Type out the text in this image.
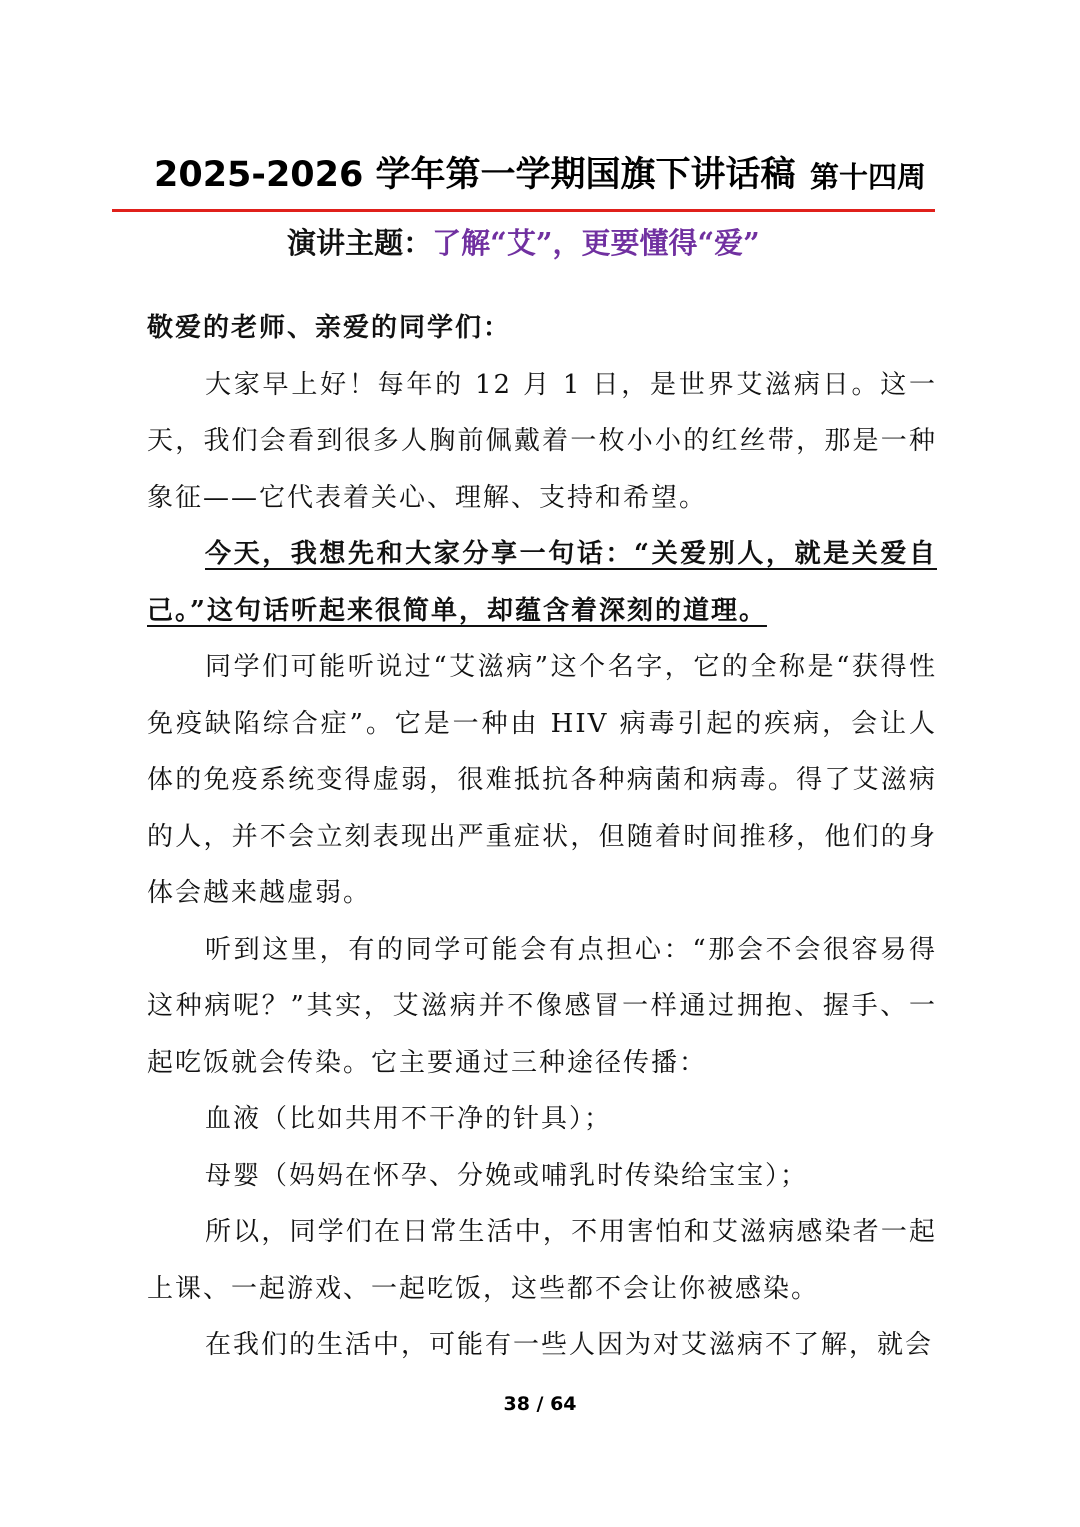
2025-2026 学年第一学期国旗下讲话稿 第十四周
演讲主题：了解“艾”，更要懂得“爱”

敬爱的老师、亲爱的同学们：

大家早上好！每年的 12 月 1 日，是世界艾滋病日。这一天，我们会看到很多人胸前佩戴着一枚小小的红丝带，那是一种象征——它代表着关心、理解、支持和希望。

今天，我想先和大家分享一句话：“关爱别人，就是关爱自己。”这句话听起来很简单，却蕴含着深刻的道理。

同学们可能听说过“艾滋病”这个名字，它的全称是“获得性免疫缺陷综合症”。它是一种由 HIV 病毒引起的疾病，会让人体的免疫系统变得虚弱，很难抵抗各种病菌和病毒。得了艾滋病的人，并不会立刻表现出严重症状，但随着时间推移，他们的身体会越来越虚弱。

听到这里，有的同学可能会有点担心：“那会不会很容易得这种病呢？”其实，艾滋病并不像感冒一样通过拥抱、握手、一起吃饭就会传染。它主要通过三种途径传播：

血液（比如共用不干净的针具）；

母婴（妈妈在怀孕、分娩或哺乳时传染给宝宝）；

所以，同学们在日常生活中，不用害怕和艾滋病感染者一起上课、一起游戏、一起吃饭，这些都不会让你被感染。

在我们的生活中，可能有一些人因为对艾滋病不了解，就会

38 / 64
